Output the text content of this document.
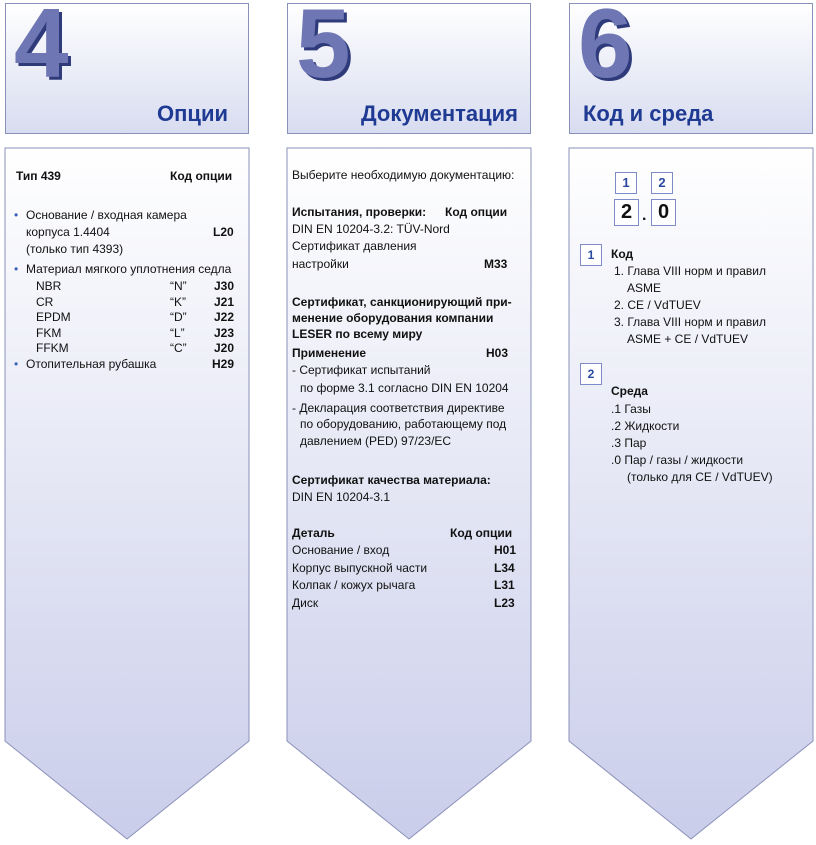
4
Опции
5
Документация
6
Код и среда
Тип 439	Код опции
• Основание / входная камера
корпуса 1.4404	L20
(только тип 4393)
• Материал мягкого уплотнения седла
• Отопительная рубашка	H29
Выберите необходимую документацию:
Испытания, проверки: Код опции
DIN EN 10204-3.2: TÜV-Nord
Сертификат давления
настройки	M33
Сертификат, санкционирующий при-
менение оборудования компании
LESER по всему миру
Применение	H03
- Сертификат испытаний
по форме 3.1 согласно DIN EN 10204
- Декларация соответствия директиве
по оборудованию, работающему под
давлением (PED) 97/23/EC
Сертификат качества материала:
DIN EN 10204-3.1
Деталь	Код опции
1	2
2 . 0
1	Код
2
Среда
NBR	“N” J30
CR	“K” J21
EPDM	“D” J22
FKM	“L” J23
FFKM	“C” J20
Основание / вход	H01
Корпус выпускной части	L34
Колпак / кожух рычага	L31
Диск	L23
1. Глава VIII норм и правил
ASME
2. CE / VdTUEV
3. Глава VIII норм и правил
ASME + CE / VdTUEV
.1 Газы
.2 Жидкости
.3 Пар
.0 Пар / газы / жидкости
(только для CE / VdTUEV)
